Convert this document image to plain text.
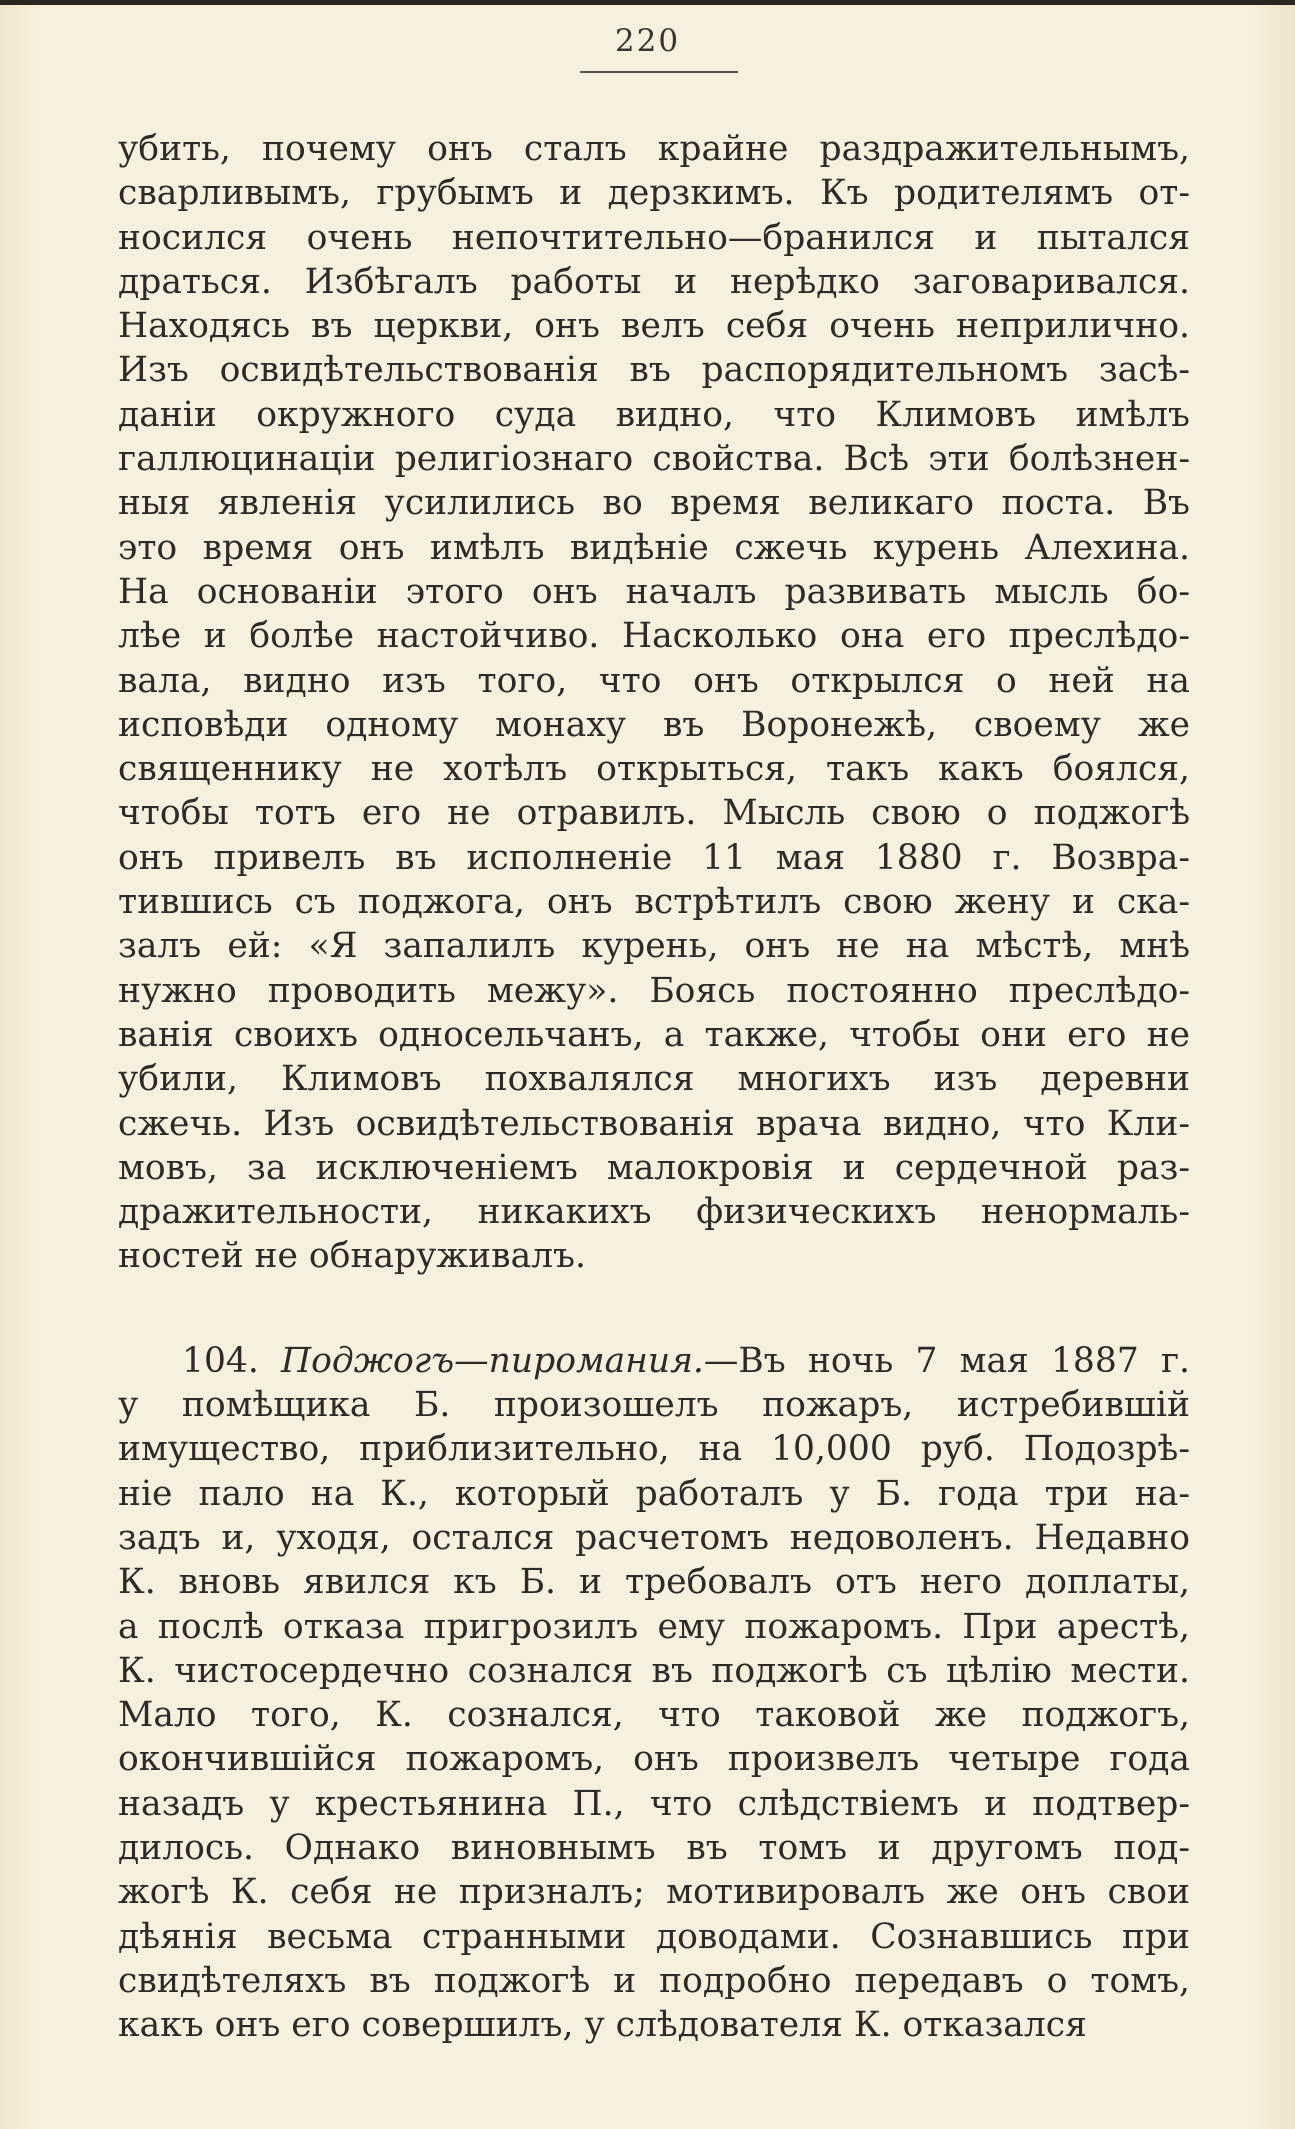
220
убить, почему онъ сталъ крайне раздражительнымъ,
сварливымъ, грубымъ и дерзкимъ. Къ родителямъ от-
носился очень непочтительно—бранился и пытался
драться. Избѣгалъ работы и нерѣдко заговаривался.
Находясь въ церкви, онъ велъ себя очень неприлично.
Изъ освидѣтельствованія въ распорядительномъ засѣ-
даніи окружного суда видно, что Климовъ имѣлъ
галлюцинаціи религіознаго свойства. Всѣ эти болѣзнен-
ныя явленія усилились во время великаго поста. Въ
это время онъ имѣлъ видѣніе сжечь курень Алехина.
На основаніи этого онъ началъ развивать мысль бо-
лѣе и болѣе настойчиво. Насколько она его преслѣдо-
вала, видно изъ того, что онъ открылся о ней на
исповѣди одному монаху въ Воронежѣ, своему же
священнику не хотѣлъ открыться, такъ какъ боялся,
чтобы тотъ его не отравилъ. Мысль свою о поджогѣ
онъ привелъ въ исполненіе 11 мая 1880 г. Возвра-
тившись съ поджога, онъ встрѣтилъ свою жену и ска-
залъ ей: «Я запалилъ курень, онъ не на мѣстѣ, мнѣ
нужно проводить межу». Боясь постоянно преслѣдо-
ванія своихъ односельчанъ, а также, чтобы они его не
убили, Климовъ похвалялся многихъ изъ деревни
сжечь. Изъ освидѣтельствованія врача видно, что Кли-
мовъ, за исключеніемъ малокровія и сердечной раз-
дражительности, никакихъ физическихъ ненормаль-
ностей не обнаруживалъ.
104. Поджогъ—пиромания.—Въ ночь 7 мая 1887 г.
у помѣщика Б. произошелъ пожаръ, истребившій
имущество, приблизительно, на 10,000 руб. Подозрѣ-
ніе пало на К., который работалъ у Б. года три на-
задъ и, уходя, остался расчетомъ недоволенъ. Недавно
К. вновь явился къ Б. и требовалъ отъ него доплаты,
а послѣ отказа пригрозилъ ему пожаромъ. При арестѣ,
К. чистосердечно сознался въ поджогѣ съ цѣлію мести.
Мало того, К. сознался, что таковой же поджогъ,
окончившійся пожаромъ, онъ произвелъ четыре года
назадъ у крестьянина П., что слѣдствіемъ и подтвер-
дилось. Однако виновнымъ въ томъ и другомъ под-
жогѣ К. себя не призналъ; мотивировалъ же онъ свои
дѣянія весьма странными доводами. Сознавшись при
свидѣтеляхъ въ поджогѣ и подробно передавъ о томъ,
какъ онъ его совершилъ, у слѣдователя К. отказался
